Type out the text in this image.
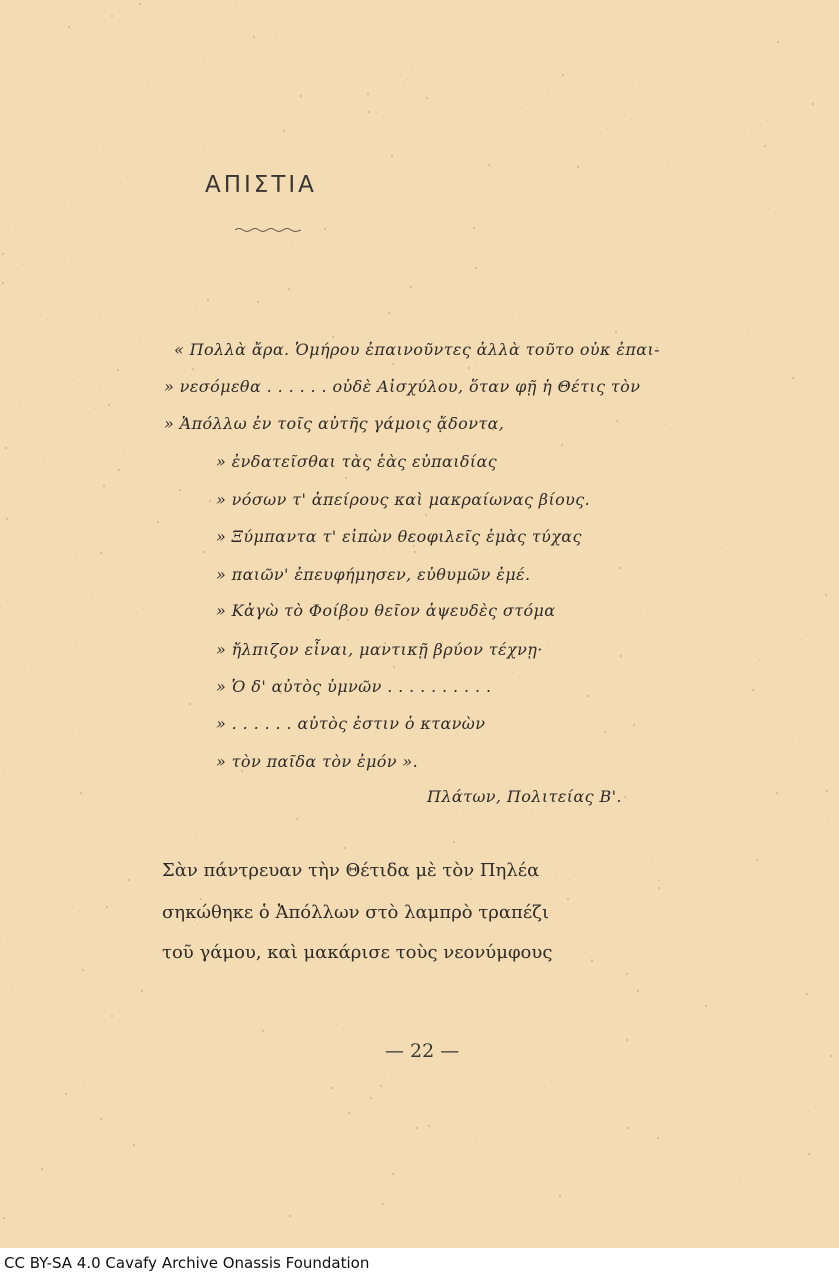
ΑΠΙΣΤΙΑ
« Πολλὰ ἄρα. Ὁμήρου ἐπαινοῦντες ἀλλὰ τοῦτο οὐκ ἐπαι-
» νεσόμεθα . . . . . . οὐδὲ Αἰσχύλου, ὅταν φῇ ἡ Θέτις τὸν
» Ἀπόλλω ἐν τοῖς αὐτῆς γάμοις ᾄδοντα,
» ἐνδατεῖσθαι τὰς ἑὰς εὐπαιδίας
» νόσων τ' ἀπείρους καὶ μακραίωνας βίους.
» Ξύμπαντα τ' εἰπὼν θεοφιλεῖς ἐμὰς τύχας
» παιῶν' ἐπευφήμησεν, εὐθυμῶν ἐμέ.
» Κἀγὼ τὸ Φοίβου θεῖον ἀψευδὲς στόμα
» ἤλπιζον εἶναι, μαντικῇ βρύον τέχνῃ·
» Ὁ δ' αὐτὸς ὑμνῶν . . . . . . . . . .
» . . . . . . αὐτὸς ἐστιν ὁ κτανὼν
» τὸν παῖδα τὸν ἐμόν ».
Πλάτων, Πολιτείας Β'.
Σὰν πάντρευαν τὴν Θέτιδα μὲ τὸν Πηλέα
σηκώθηκε ὁ Ἀπόλλων στὸ λαμπρὸ τραπέζι
τοῦ γάμου, καὶ μακάρισε τοὺς νεονύμφους
— 22 —
CC BY-SA 4.0 Cavafy Archive Onassis Foundation
